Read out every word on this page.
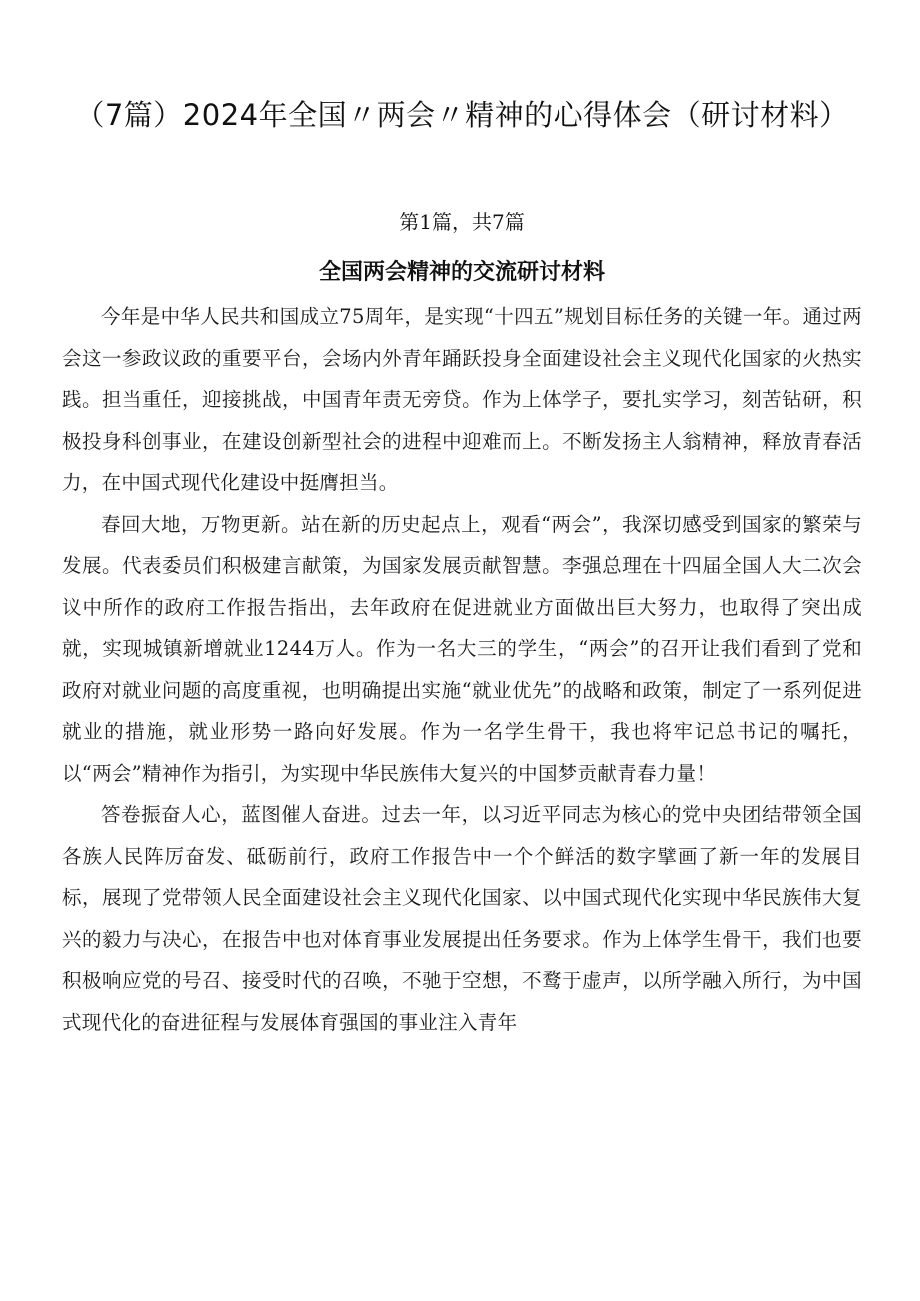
（7篇）2024年全国〃两会〃精神的心得体会（研讨材料）
第1篇，共7篇
全国两会精神的交流研讨材料

今年是中华人民共和国成立75周年，是实现“十四五”规划目标任务的关键一年。通过两会这一参政议政的重要平台，会场内外青年踊跃投身全面建设社会主义现代化国家的火热实践。担当重任，迎接挑战，中国青年责无旁贷。作为上体学子，要扎实学习，刻苦钻研，积极投身科创事业，在建设创新型社会的进程中迎难而上。不断发扬主人翁精神，释放青春活力，在中国式现代化建设中挺膺担当。

春回大地，万物更新。站在新的历史起点上，观看“两会”，我深切感受到国家的繁荣与发展。代表委员们积极建言献策，为国家发展贡献智慧。李强总理在十四届全国人大二次会议中所作的政府工作报告指出，去年政府在促进就业方面做出巨大努力，也取得了突出成就，实现城镇新增就业1244万人。作为一名大三的学生，“两会”的召开让我们看到了党和政府对就业问题的高度重视，也明确提出实施“就业优先”的战略和政策，制定了一系列促进就业的措施，就业形势一路向好发展。作为一名学生骨干，我也将牢记总书记的嘱托，以“两会”精神作为指引，为实现中华民族伟大复兴的中国梦贡献青春力量！

答卷振奋人心，蓝图催人奋进。过去一年，以习近平同志为核心的党中央团结带领全国各族人民阵厉奋发、砥砺前行，政府工作报告中一个个鲜活的数字擘画了新一年的发展目标，展现了党带领人民全面建设社会主义现代化国家、以中国式现代化实现中华民族伟大复兴的毅力与决心，在报告中也对体育事业发展提出任务要求。作为上体学生骨干，我们也要积极响应党的号召、接受时代的召唤，不驰于空想，不鹜于虚声，以所学融入所行，为中国式现代化的奋进征程与发展体育强国的事业注入青年
